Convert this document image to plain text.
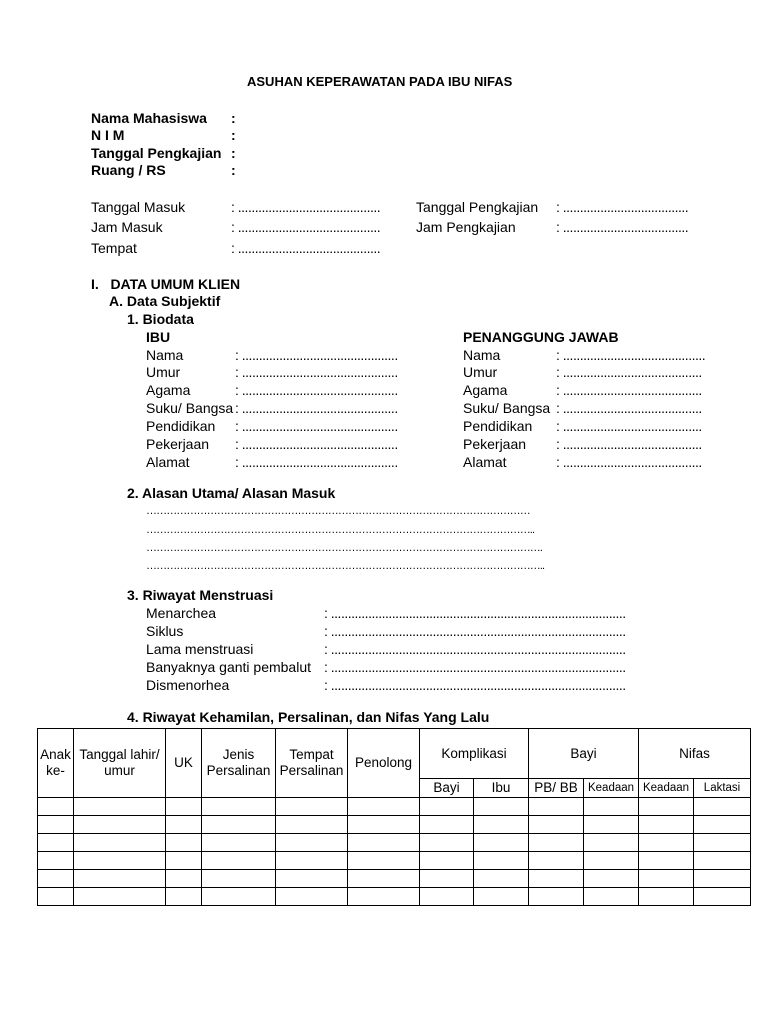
ASUHAN KEPERAWATAN PADA IBU NIFAS
Nama Mahasiswa :
N I M	:
Tanggal Pengkajian :
Ruang / RS	:
Tanggal Masuk	: ..........................................	Tanggal Pengkajian : .....................................
Jam Masuk	: ..........................................	Jam Pengkajian	: .....................................
Tempat	: ..........................................
I.   DATA UMUM KLIEN
A. Data Subjektif
1. Biodata
IBU	PENANGGUNG JAWAB
Nama	: ..............................................	Nama	: ..........................................
Umur	: ..............................................	Umur	: .........................................
Agama	: ..............................................	Agama	: .........................................
Suku/ Bangsa : ..............................................	Suku/ Bangsa : .........................................
Pendidikan : ..............................................	Pendidikan : .........................................
Pekerjaan : ..............................................	Pekerjaan : .........................................
Alamat	: ..............................................	Alamat	: .........................................
2. Alasan Utama/ Alasan Masuk
……………………………………………………………………………………………………
……………………………………………………………………………………………………..
……………………………………………………………………………………………………….
………………………………………………………………………………………………………..
3. Riwayat Menstruasi
Menarchea	: .......................................................................................
Siklus	: .......................................................................................
Lama menstruasi	: .......................................................................................
Banyaknya ganti pembalut : .......................................................................................
Dismenorhea	: .......................................................................................
4. Riwayat Kehamilan, Persalinan, dan Nifas Yang Lalu
Anak ke-	Tanggal lahir/ umur	UK	Jenis Persalinan	Tempat Persalinan	Penolong	Komplikasi		Bayi		Nifas	
						Bayi	Ibu	PB/ BB	Keadaan	Keadaan	Laktasi
